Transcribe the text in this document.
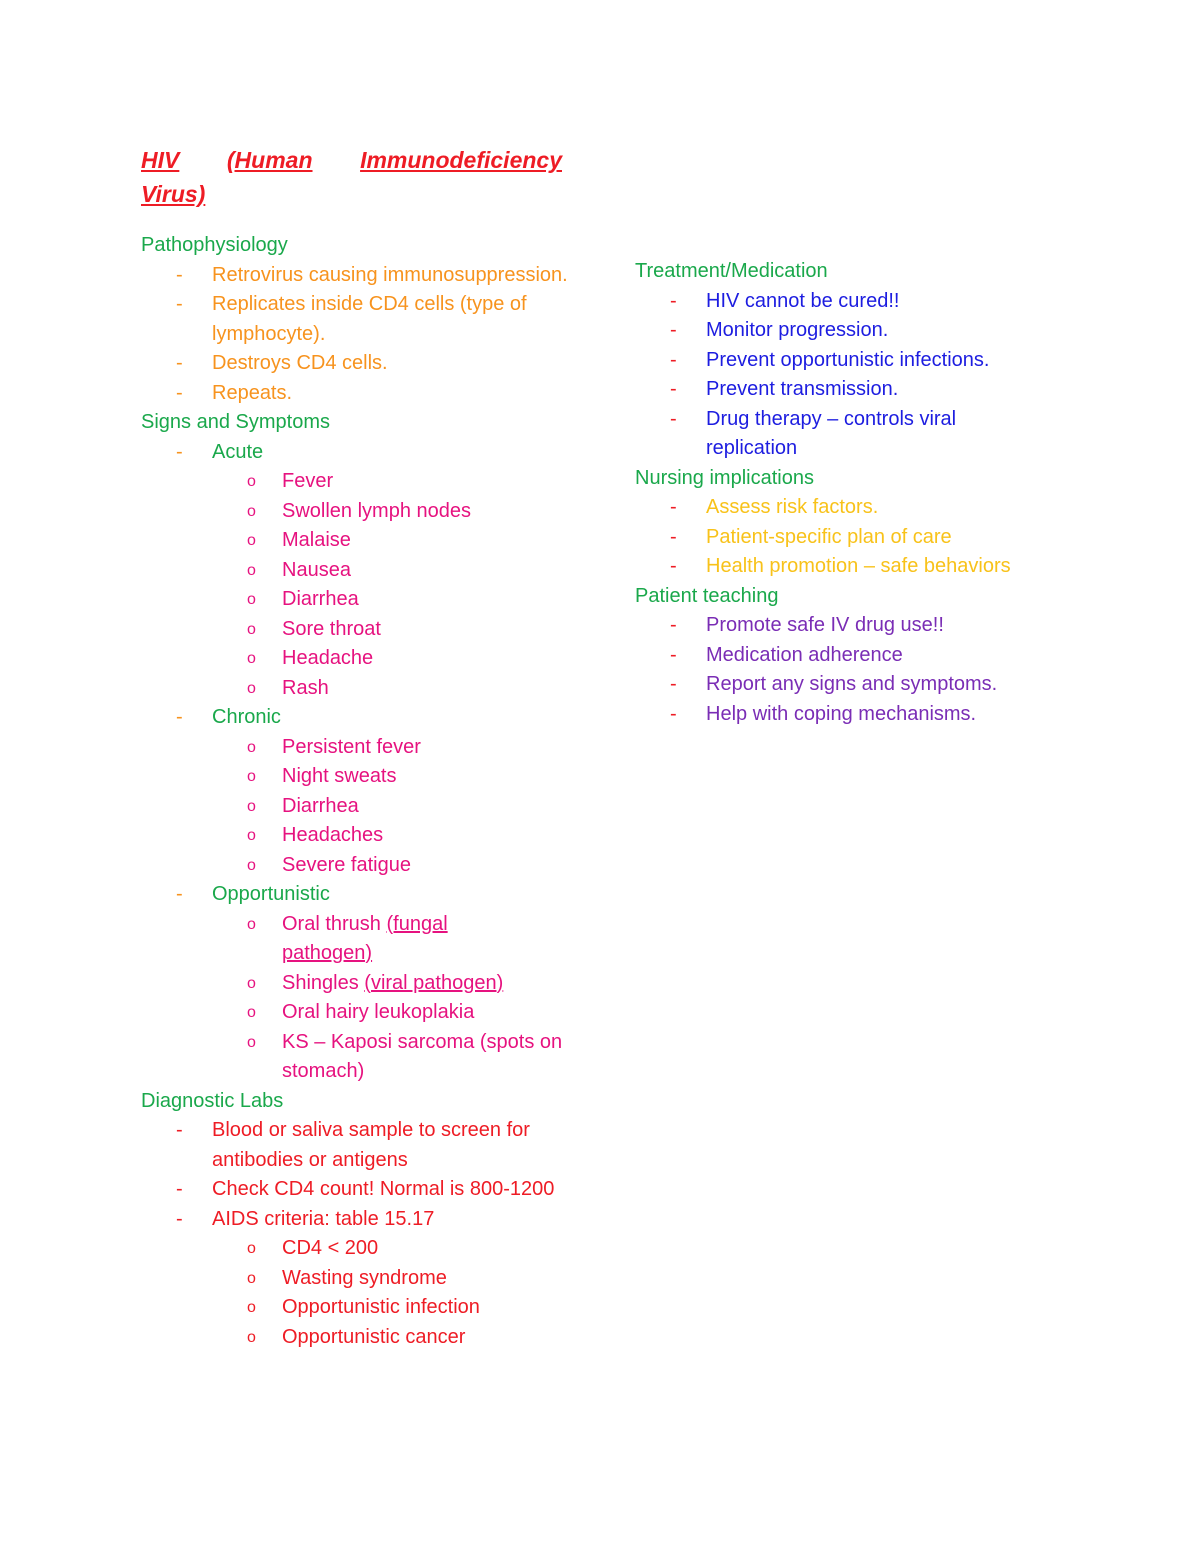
HIV (Human Immunodeficiency
Virus)
Pathophysiology
- Retrovirus causing immunosuppression.
- Replicates inside CD4 cells (type of lymphocyte).
- Destroys CD4 cells.
- Repeats.
Signs and Symptoms
- Acute
o Fever
o Swollen lymph nodes
o Malaise
o Nausea
o Diarrhea
o Sore throat
o Headache
o Rash
- Chronic
o Persistent fever
o Night sweats
o Diarrhea
o Headaches
o Severe fatigue
- Opportunistic
o Oral thrush (fungal pathogen)
o Shingles (viral pathogen)
o Oral hairy leukoplakia
o KS – Kaposi sarcoma (spots on stomach)
Diagnostic Labs
- Blood or saliva sample to screen for antibodies or antigens
- Check CD4 count! Normal is 800-1200
- AIDS criteria: table 15.17
o CD4 < 200
o Wasting syndrome
o Opportunistic infection
o Opportunistic cancer
Treatment/Medication
- HIV cannot be cured!!
- Monitor progression.
- Prevent opportunistic infections.
- Prevent transmission.
- Drug therapy – controls viral replication
Nursing implications
- Assess risk factors.
- Patient-specific plan of care
- Health promotion – safe behaviors
Patient teaching
- Promote safe IV drug use!!
- Medication adherence
- Report any signs and symptoms.
- Help with coping mechanisms.
